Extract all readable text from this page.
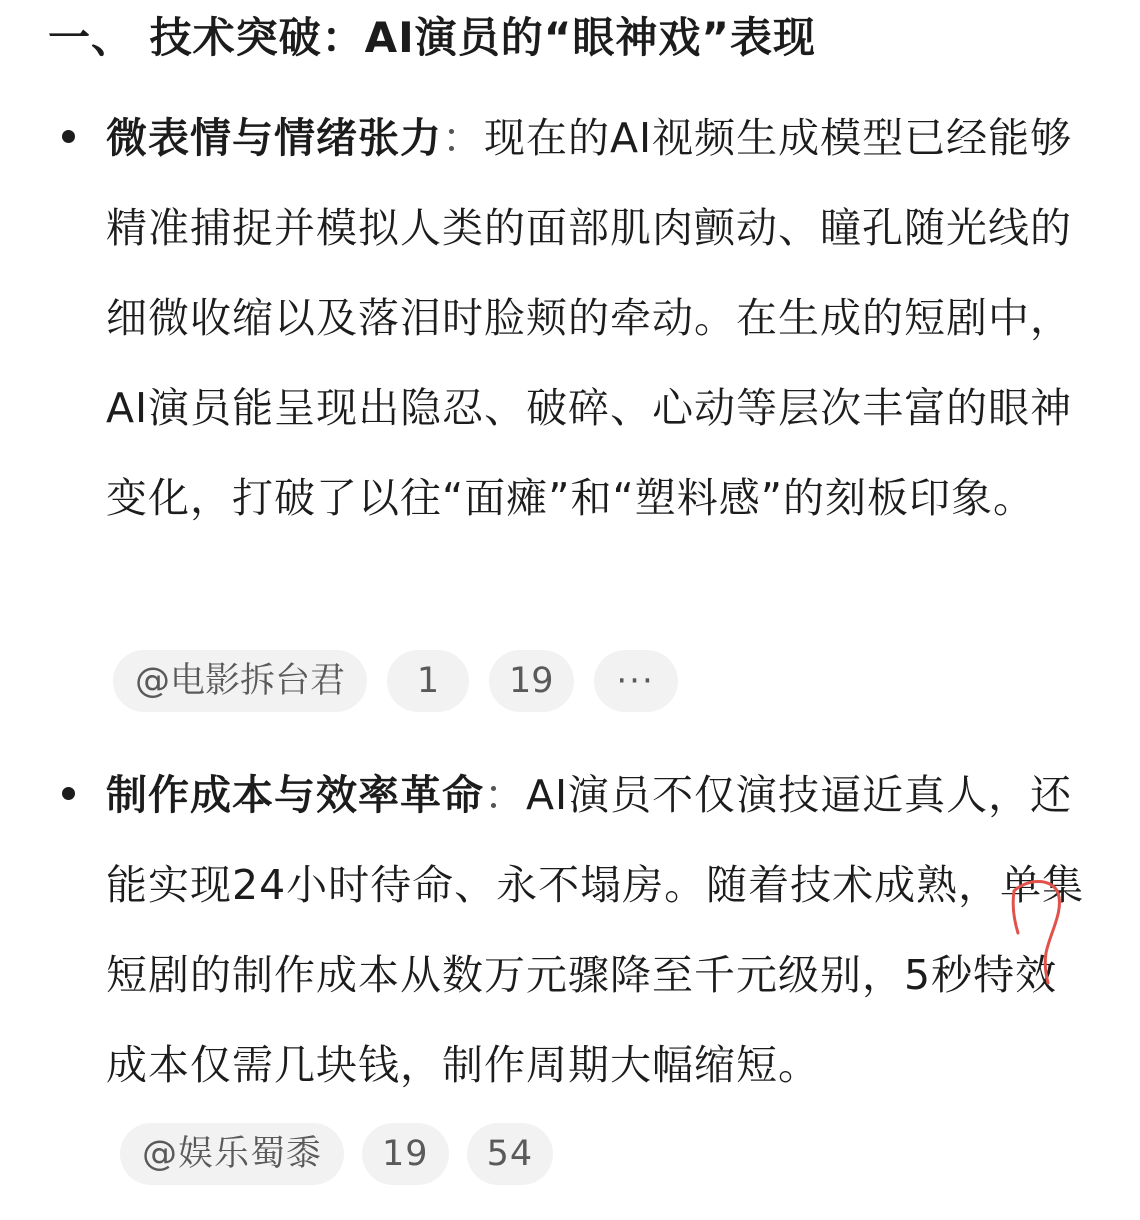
一、 技术突破：AI演员的“眼神戏”表现
微表情与情绪张力：现在的AI视频生成模型已经能够精准捕捉并模拟人类的面部肌肉颤动、瞳孔随光线的细微收缩以及落泪时脸颊的牵动。在生成的短剧中，AI演员能呈现出隐忍、破碎、心动等层次丰富的眼神变化，打破了以往“面瘫”和“塑料感”的刻板印象。
@电影拆台君	1	19	···
制作成本与效率革命：AI演员不仅演技逼近真人，还能实现24小时待命、永不塌房。随着技术成熟，单集短剧的制作成本从数万元骤降至千元级别，5秒特效成本仅需几块钱，制作周期大幅缩短。
@娱乐蜀黍	19	54
